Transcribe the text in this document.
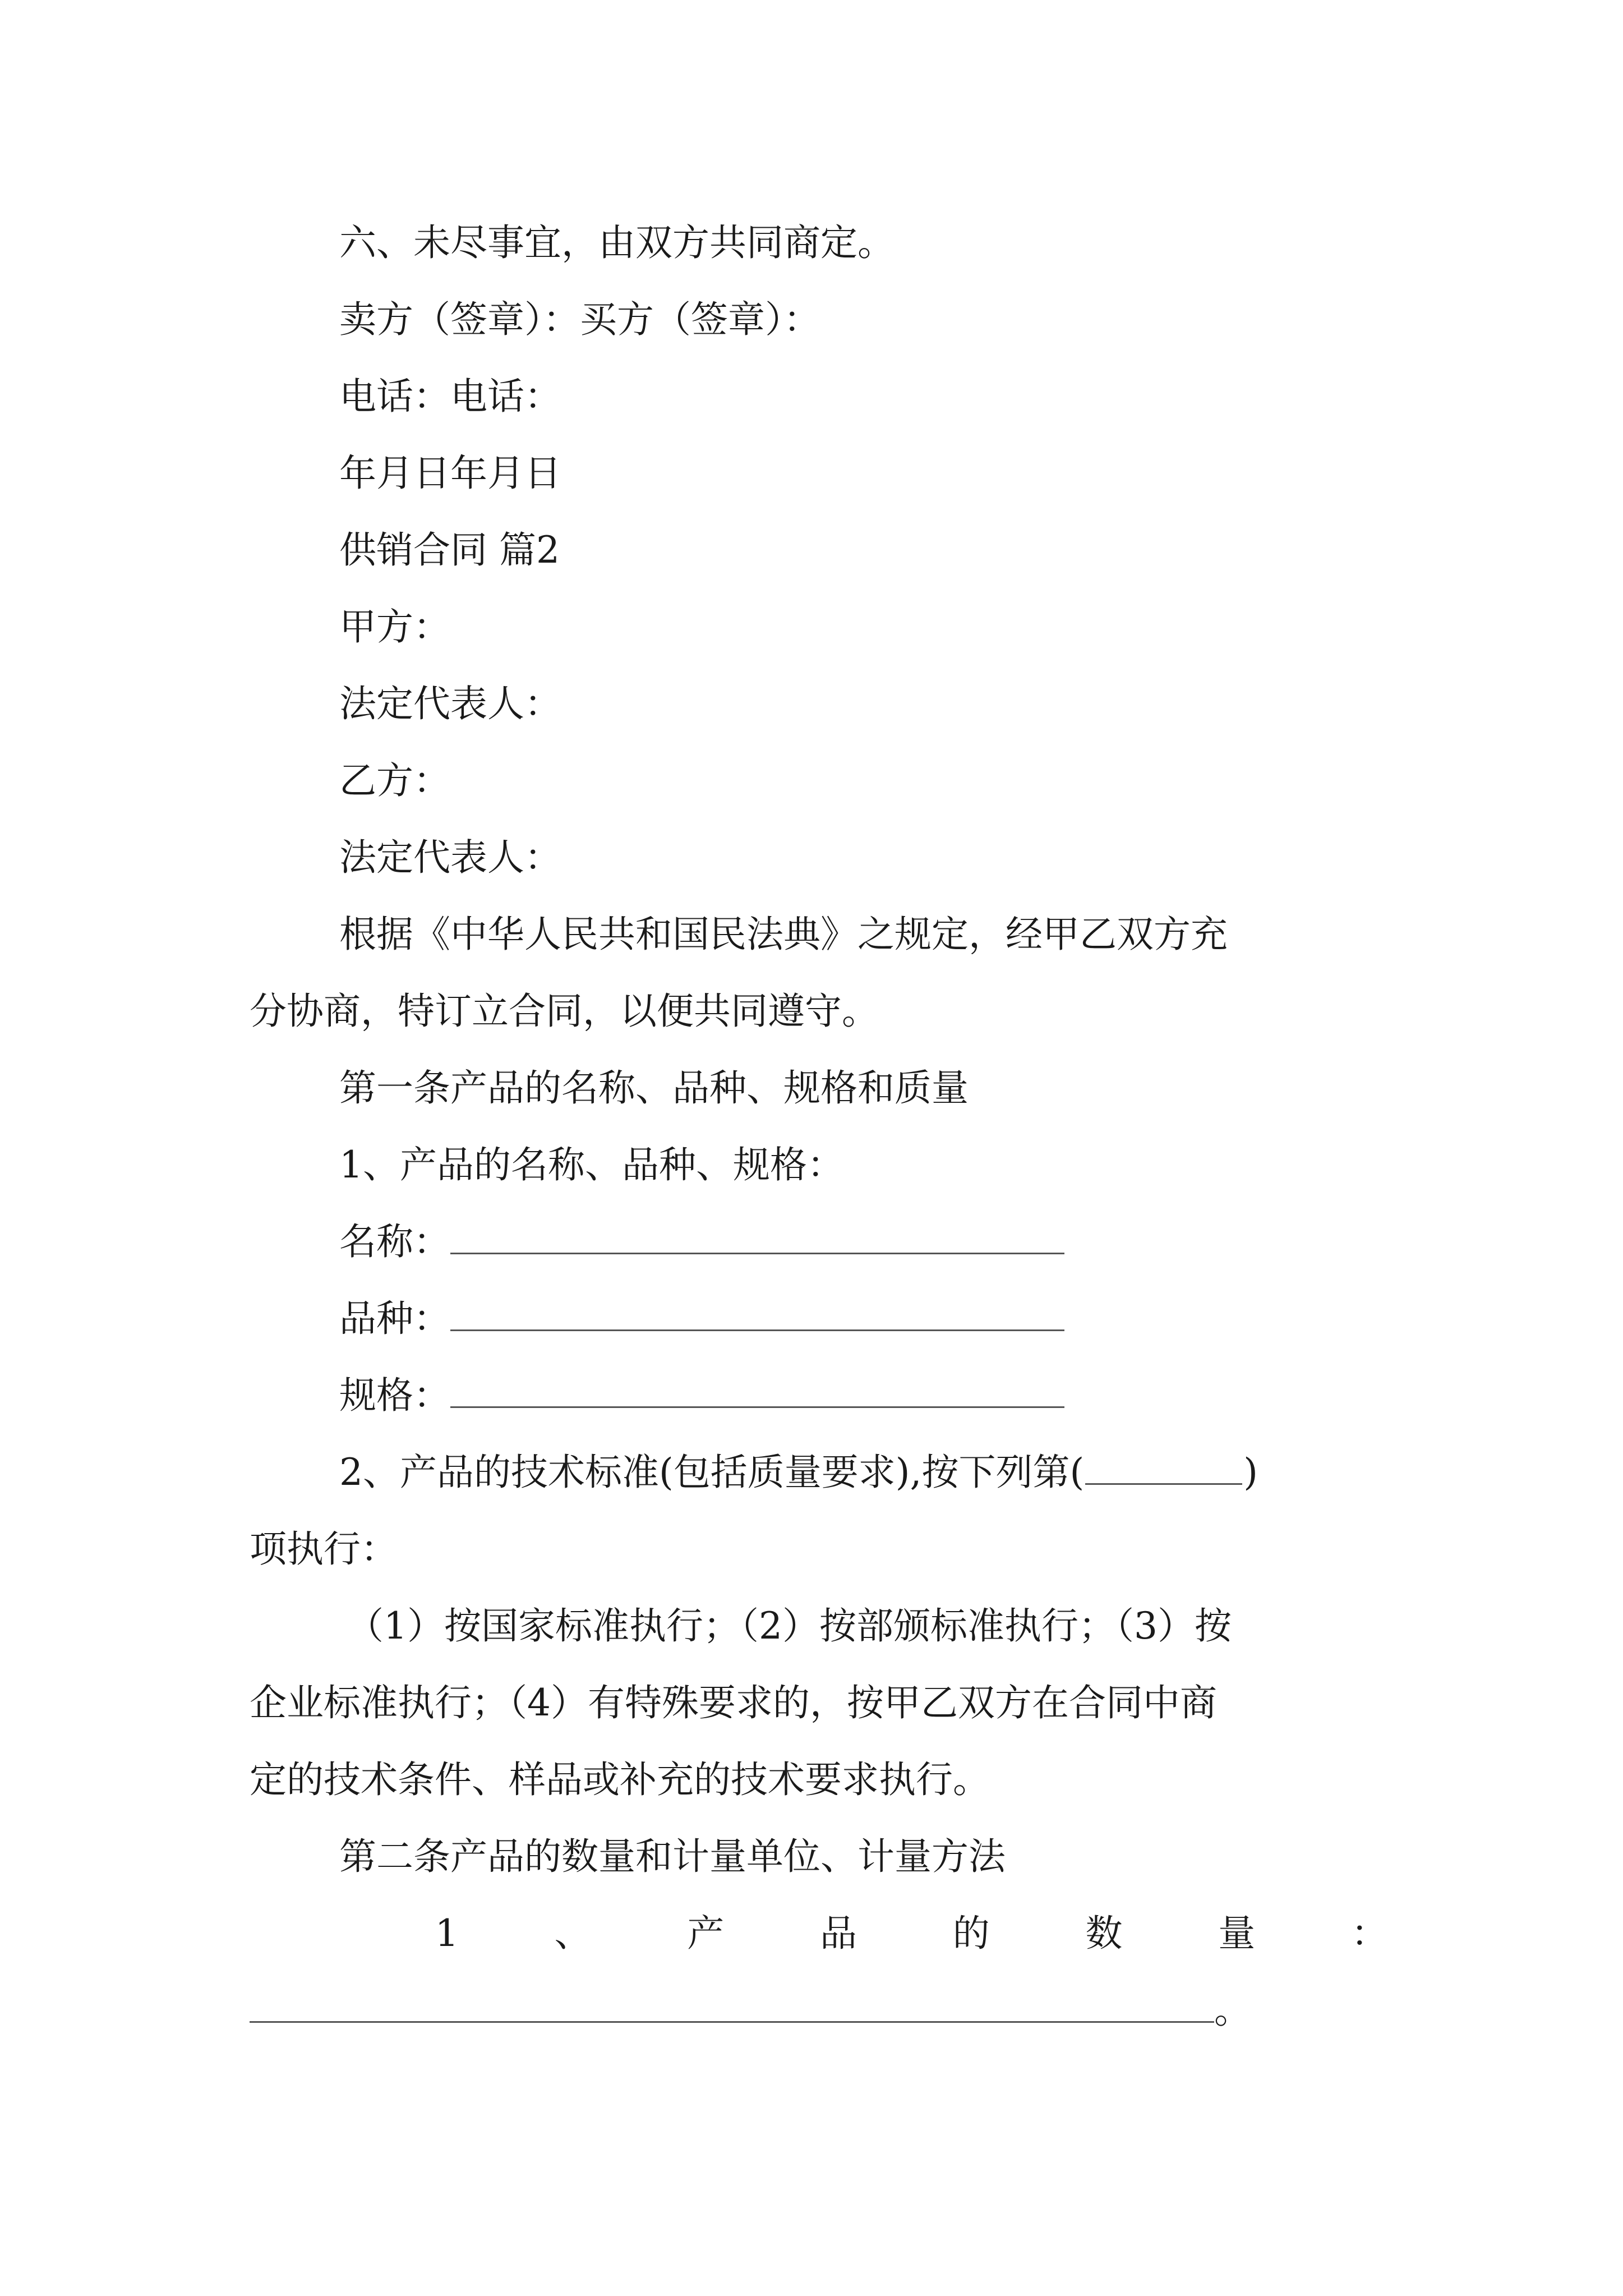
六、未尽事宜，由双方共同商定。
卖方（签章）：买方（签章）：
电话：电话：
年月日年月日
供销合同 篇2
甲方：
法定代表人：
乙方：
法定代表人：
根据《中华人民共和国民法典》之规定，经甲乙双方充
分协商，特订立合同，以便共同遵守。
第一条产品的名称、品种、规格和质量
1、产品的名称、品种、规格：
名称：
品种：
规格：
2、产品的技术标准(包括质量要求),按下列第(	)
项执行：
（1）按国家标准执行；（2）按部颁标准执行；（3）按
企业标准执行；（4）有特殊要求的，按甲乙双方在合同中商
定的技术条件、样品或补充的技术要求执行。
第二条产品的数量和计量单位、计量方法
1	、	产	品	的	数	量	：
。
